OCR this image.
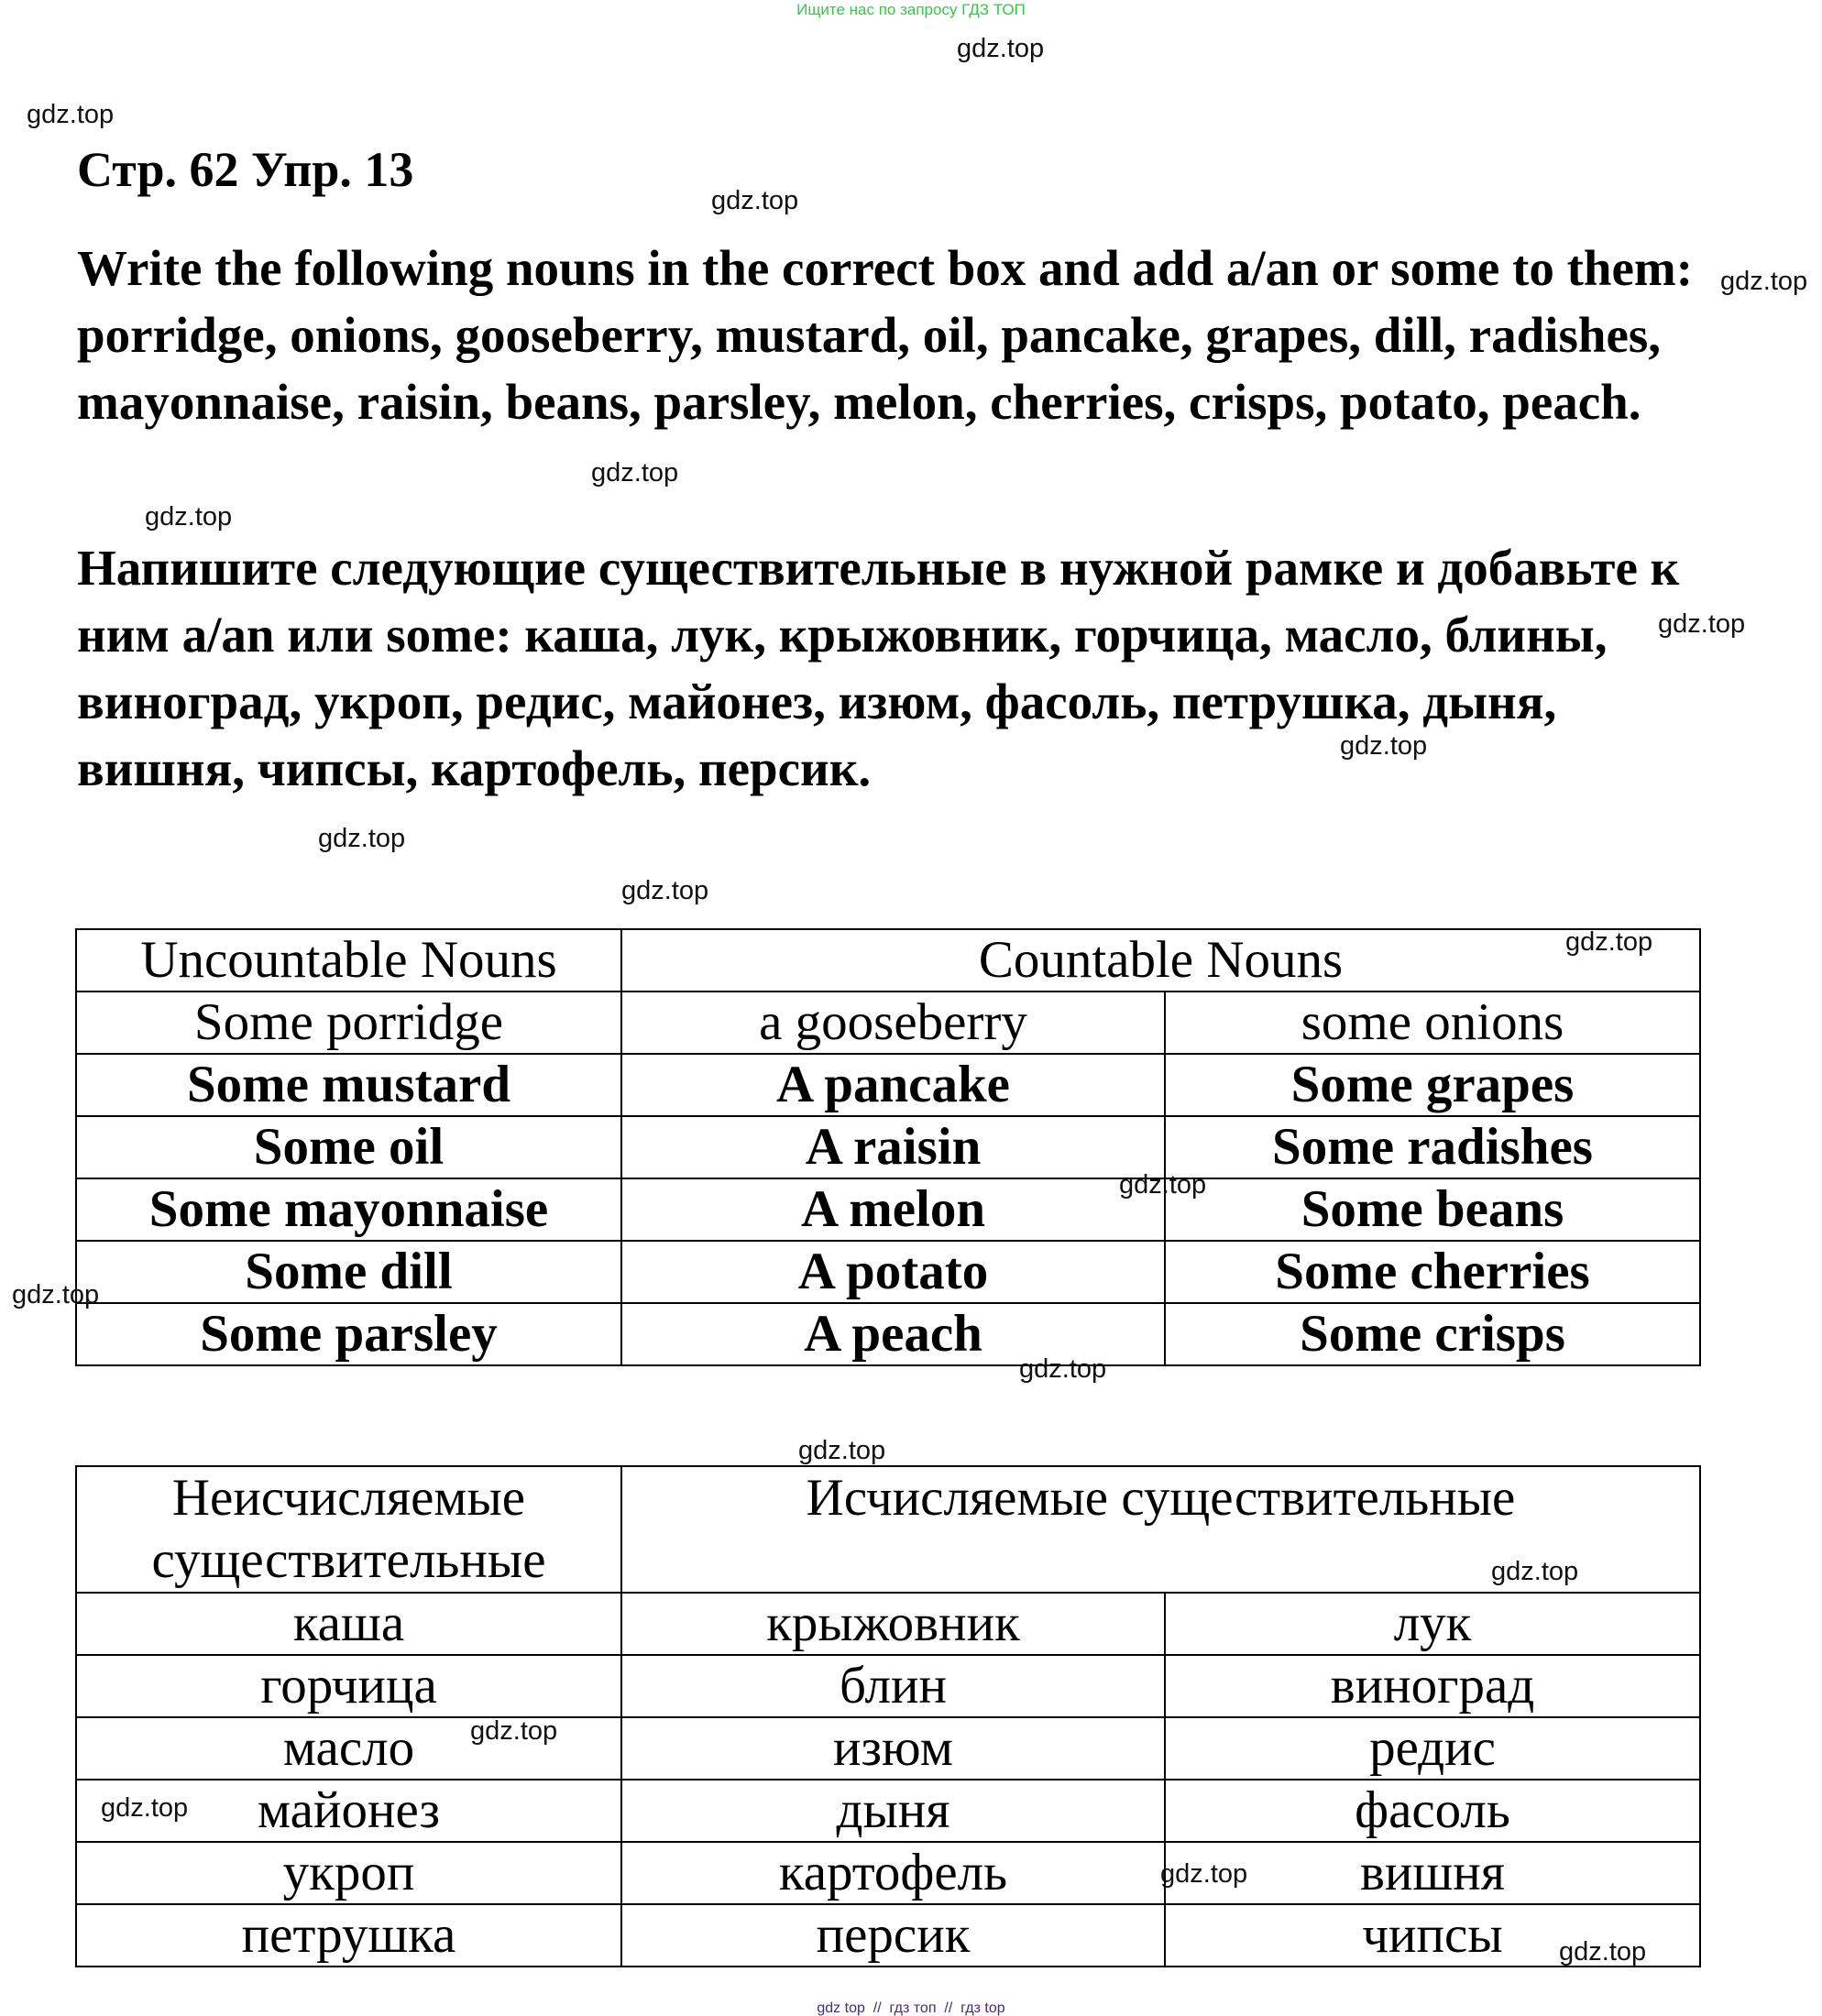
Ищите нас по запросу ГДЗ ТОП
gdz.top
gdz.top
gdz.top
gdz.top
gdz.top
gdz.top
gdz.top
gdz.top
gdz.top
gdz.top
gdz.top
gdz.top
gdz.top
gdz.top
gdz.top
gdz.top
gdz.top
gdz.top
gdz.top
gdz.top
Стр. 62 Упр. 13
Write the following nouns in the correct box and add a/an or some to them: porridge, onions, gooseberry, mustard, oil, pancake, grapes, dill, radishes, mayonnaise, raisin, beans, parsley, melon, cherries, crisps, potato, peach.
Напишите следующие существительные в нужной рамке и добавьте к ним a/an или some: каша, лук, крыжовник, горчица, масло, блины, виноград, укроп, редис, майонез, изюм, фасоль, петрушка, дыня, вишня, чипсы, картофель, персик.
Uncountable Nouns	Countable Nouns	
Some porridge	a gooseberry	some onions
Some mustard	A pancake	Some grapes
Some oil	A raisin	Some radishes
Some mayonnaise	A melon	Some beans
Some dill	A potato	Some cherries
Some parsley	A peach	Some crisps
Неисчисляемые существительные	Исчисляемые существительные	
каша	крыжовник	лук
горчица	блин	виноград
масло	изюм	редис
майонез	дыня	фасоль
укроп	картофель	вишня
петрушка	персик	чипсы
gdz top  //  гдз топ  //  гдз top
